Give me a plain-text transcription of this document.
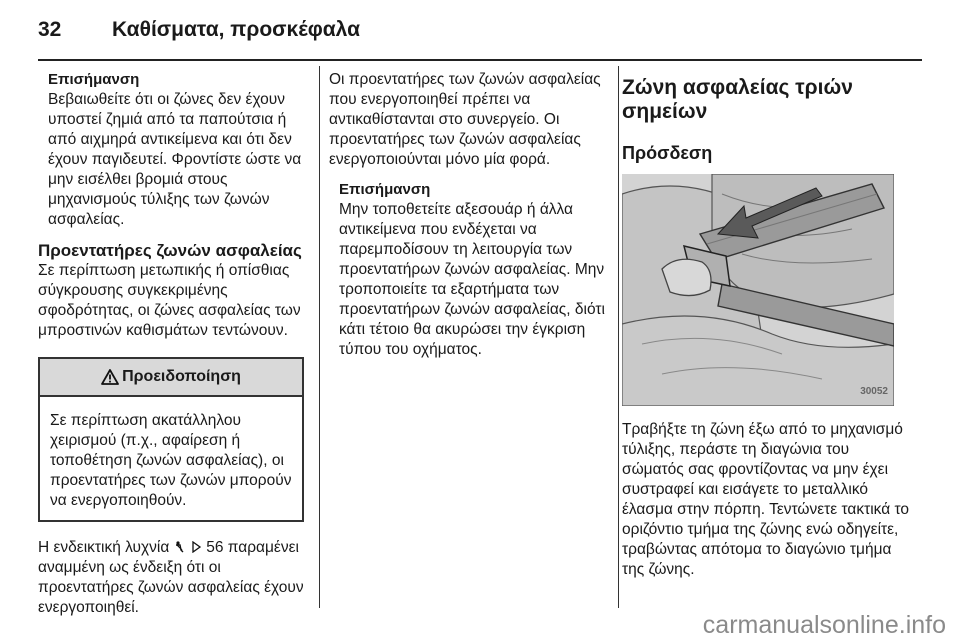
32 Καθίσματα, προσκέφαλα

Επισήμανση

Βεβαιωθείτε ότι οι ζώνες δεν έχουν υποστεί ζημιά από τα παπούτσια ή από αιχμηρά αντικείμενα και ότι δεν έχουν παγιδευτεί. Φροντίστε ώστε να μην εισέλθει βρομιά στους μηχανισμούς τύλιξης των ζωνών ασφαλείας.

Προεντατήρες ζωνών ασφαλείας

Σε περίπτωση μετωπικής ή οπίσθιας σύγκρουσης συγκεκριμένης σφοδρότητας, οι ζώνες ασφαλείας των μπροστινών καθισμάτων τεντώνουν.

Προειδοποίηση
Σε περίπτωση ακατάλληλου χειρισμού (π.χ., αφαίρεση ή τοποθέτηση ζωνών ασφαλείας), οι προεντατήρες των ζωνών μπορούν να ενεργοποιηθούν.

Η ενδεικτική λυχνία 56 παραμένει αναμμένη ως ένδειξη ότι οι προεντατήρες ζωνών ασφαλείας έχουν ενεργοποιηθεί.

Οι προεντατήρες των ζωνών ασφαλείας που ενεργοποιηθεί πρέπει να αντικαθίστανται στο συνεργείο. Οι προεντατήρες των ζωνών ασφαλείας ενεργοποιούνται μόνο μία φορά.

Επισήμανση

Μην τοποθετείτε αξεσουάρ ή άλλα αντικείμενα που ενδέχεται να παρεμποδίσουν τη λειτουργία των προεντατήρων ζωνών ασφαλείας. Μην τροποποιείτε τα εξαρτήματα των προεντατήρων ζωνών ασφαλείας, διότι κάτι τέτοιο θα ακυρώσει την έγκριση τύπου του οχήματος.

Ζώνη ασφαλείας τριών σημείων

Πρόσδεση

30052

Τραβήξτε τη ζώνη έξω από το μηχανισμό τύλιξης, περάστε τη διαγώνια του σώματός σας φροντίζοντας να μην έχει συστραφεί και εισάγετε το μεταλλικό έλασμα στην πόρπη. Τεντώνετε τακτικά το οριζόντιο τμήμα της ζώνης ενώ οδηγείτε, τραβώντας απότομα το διαγώνιο τμήμα της ζώνης.

carmanualsonline.info
